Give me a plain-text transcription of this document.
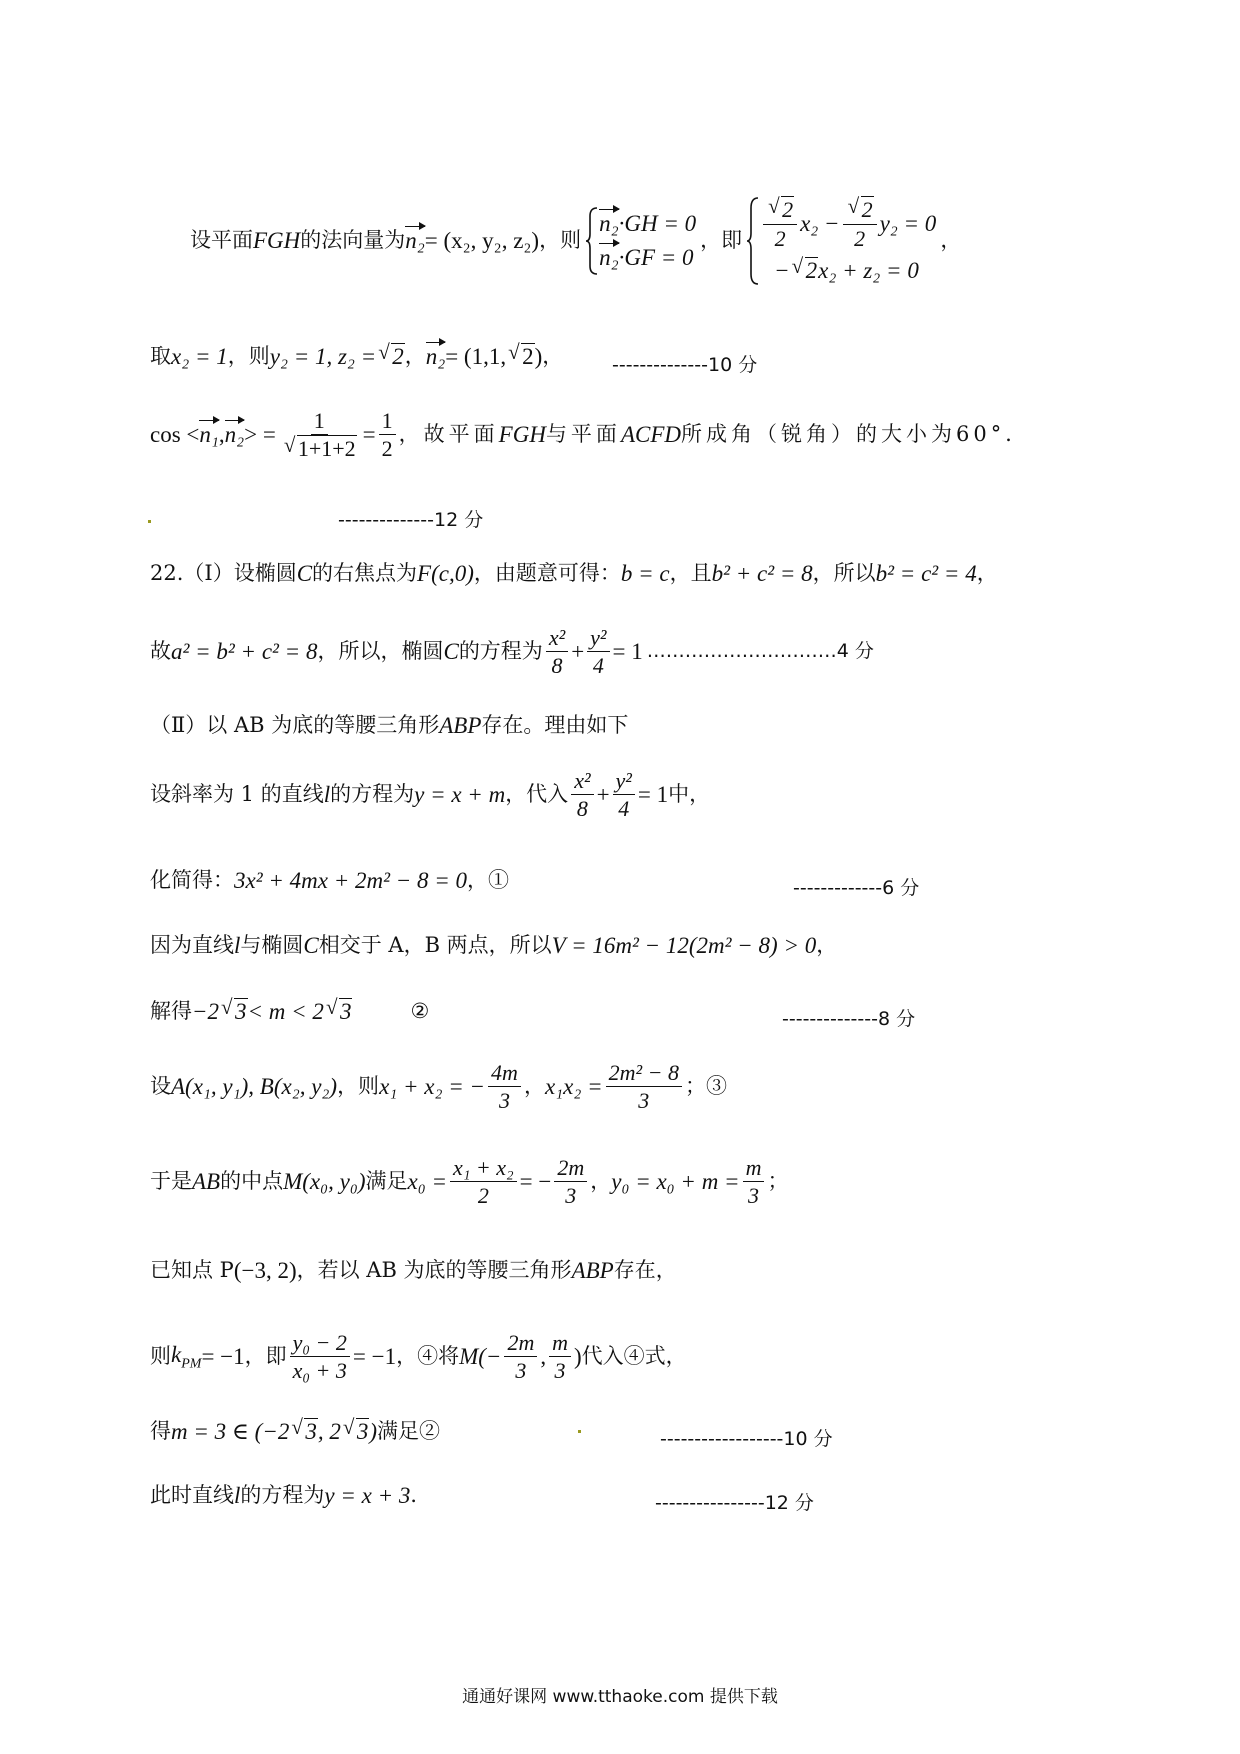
设平面 FGH 的法向量为 n₂ = (x₂, y₂, z₂) ，则
n₂·GH = 0
n₂·GF = 0
，即 √ $\frac{2}{2} x_2$ − √ $\frac{2}{2} y_2 = 0$
− √ 2x₂ + z₂ = 0
，
取 x₂ = 1 ，则 y₂ = 1, z₂ = √ 2 ， n₂ = (1,1, √ 2 ) ，	--------------10 分
cos < n₁ , n₂ > = 1
√ $1+1+2 = \frac{1}{2}$ ，故平面 FGH 与平面 ACFD 所成角（锐角）的大小为60°．
--------------12 分
22.（Ⅰ）设椭圆 C 的右焦点为 F(c,0) ，由题意可得： b = c ，且 b² + c² = 8 ，所以 b² = c² = 4 ，
故 a² = b² + c² = 8 ，所以，椭圆 C 的方程为 $\frac{\text{x²}}{8} + \frac{\text{y²}}{4} = 1$ …………………………4 分
（Ⅱ）以 AB 为底的等腰三角形 ABP 存在。理由如下
设斜率为 1 的直线 l 的方程为 y = x + m ，代入 $\frac{\text{x²}}{8} + \frac{\text{y²}}{4} = 1$ 中，
化简得： 3x² + 4mx + 2m² − 8 = 0 ，①	-------------6 分
因为直线 l 与椭圆 C 相交于 A，B 两点，所以 V = 16m² − 12(2m² − 8) > 0 ，
解得 −2 √ 3 < m < 2 √ 3	②	--------------8 分
设 A(x₁, y₁), B(x₂, y₂) ，则 x₁ + x₂ = − $\frac{4m}{3}$ ， $x_1x_2 = \frac{\text{2m² − 8}}{3}$ ；③
于是 AB 的中点 M(x₀, y₀) 满足 $x_0 = \frac{\text{x₁ + x₂}}{2}$ = − $\frac{2m}{3}$ ， $y_0 = x_0 + m = \frac{m}{3}$ ；
已知点 P (−3, 2) ，若以 AB 为底的等腰三角形 ABP 存在，
则 $k_{PM} = -1$ ，即 $\frac{\text{y₀ − 2}}{\text{x₀ + 3}} = -1$ ，④将 $M(- \frac{2m}{3}$ , $\frac{m}{3}$ ) 代入④式，
得 m = 3 ∈ (−2 √ 3 , 2 √ 3 ) 满足②	------------------10 分
此时直线 l 的方程为 y = x + 3 ．	----------------12 分
通通好课网 www.tthaoke.com 提供下载
